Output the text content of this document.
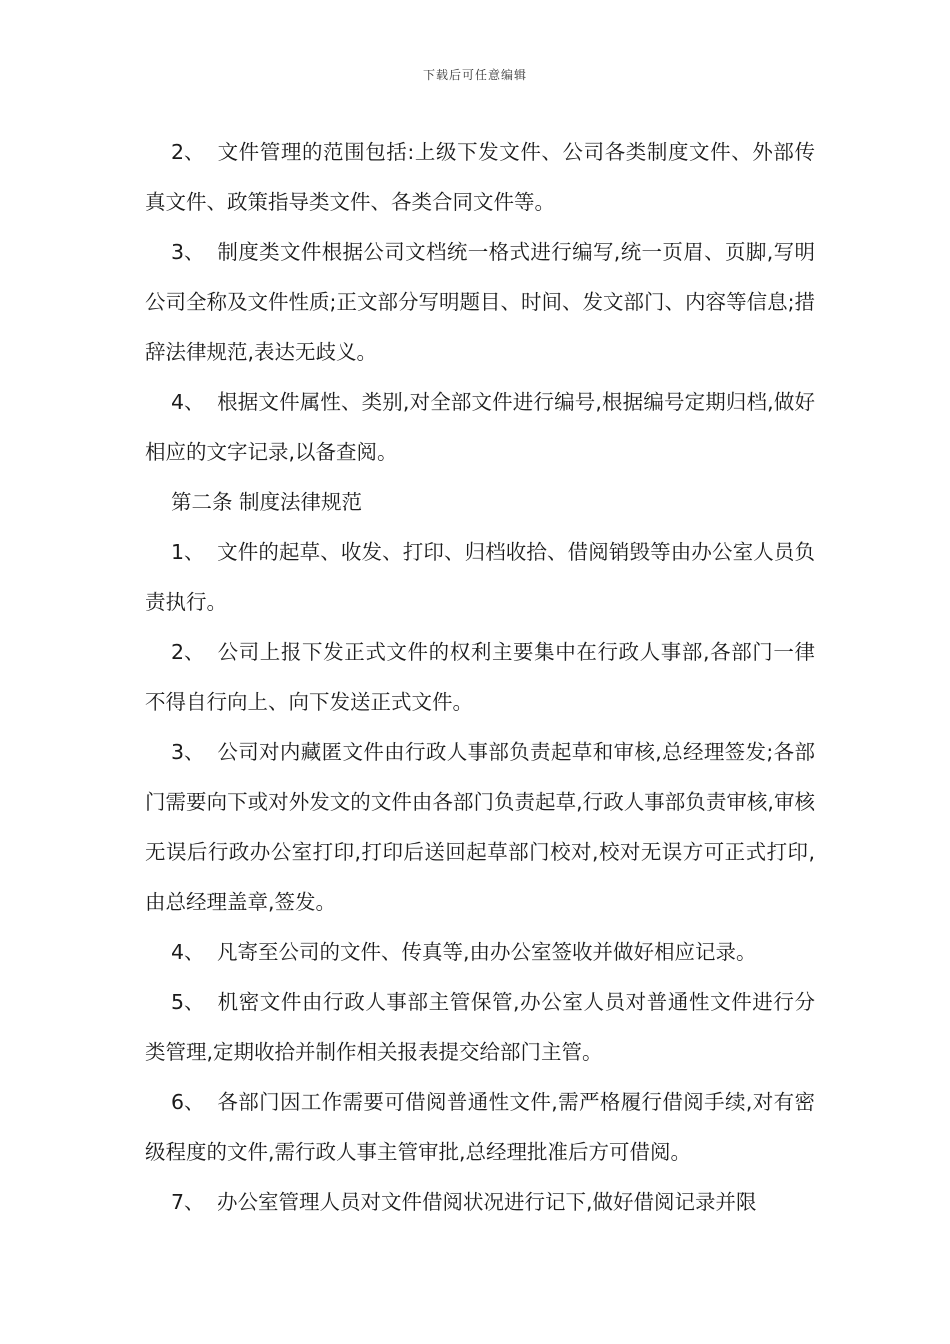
下载后可任意编辑

2、 文件管理的范围包括:上级下发文件、公司各类制度文件、外部传真文件、政策指导类文件、各类合同文件等。

3、 制度类文件根据公司文档统一格式进行编写,统一页眉、页脚,写明公司全称及文件性质;正文部分写明题目、时间、发文部门、内容等信息;措辞法律规范,表达无歧义。

4、 根据文件属性、类别,对全部文件进行编号,根据编号定期归档,做好相应的文字记录,以备查阅。

第二条 制度法律规范

1、 文件的起草、收发、打印、归档收拾、借阅销毁等由办公室人员负责执行。

2、 公司上报下发正式文件的权利主要集中在行政人事部,各部门一律不得自行向上、向下发送正式文件。

3、 公司对内藏匿文件由行政人事部负责起草和审核,总经理签发;各部门需要向下或对外发文的文件由各部门负责起草,行政人事部负责审核,审核无误后行政办公室打印,打印后送回起草部门校对,校对无误方可正式打印,由总经理盖章,签发。

4、 凡寄至公司的文件、传真等,由办公室签收并做好相应记录。

5、 机密文件由行政人事部主管保管,办公室人员对普通性文件进行分类管理,定期收拾并制作相关报表提交给部门主管。

6、 各部门因工作需要可借阅普通性文件,需严格履行借阅手续,对有密级程度的文件,需行政人事主管审批,总经理批准后方可借阅。

7、 办公室管理人员对文件借阅状况进行记下,做好借阅记录并限
